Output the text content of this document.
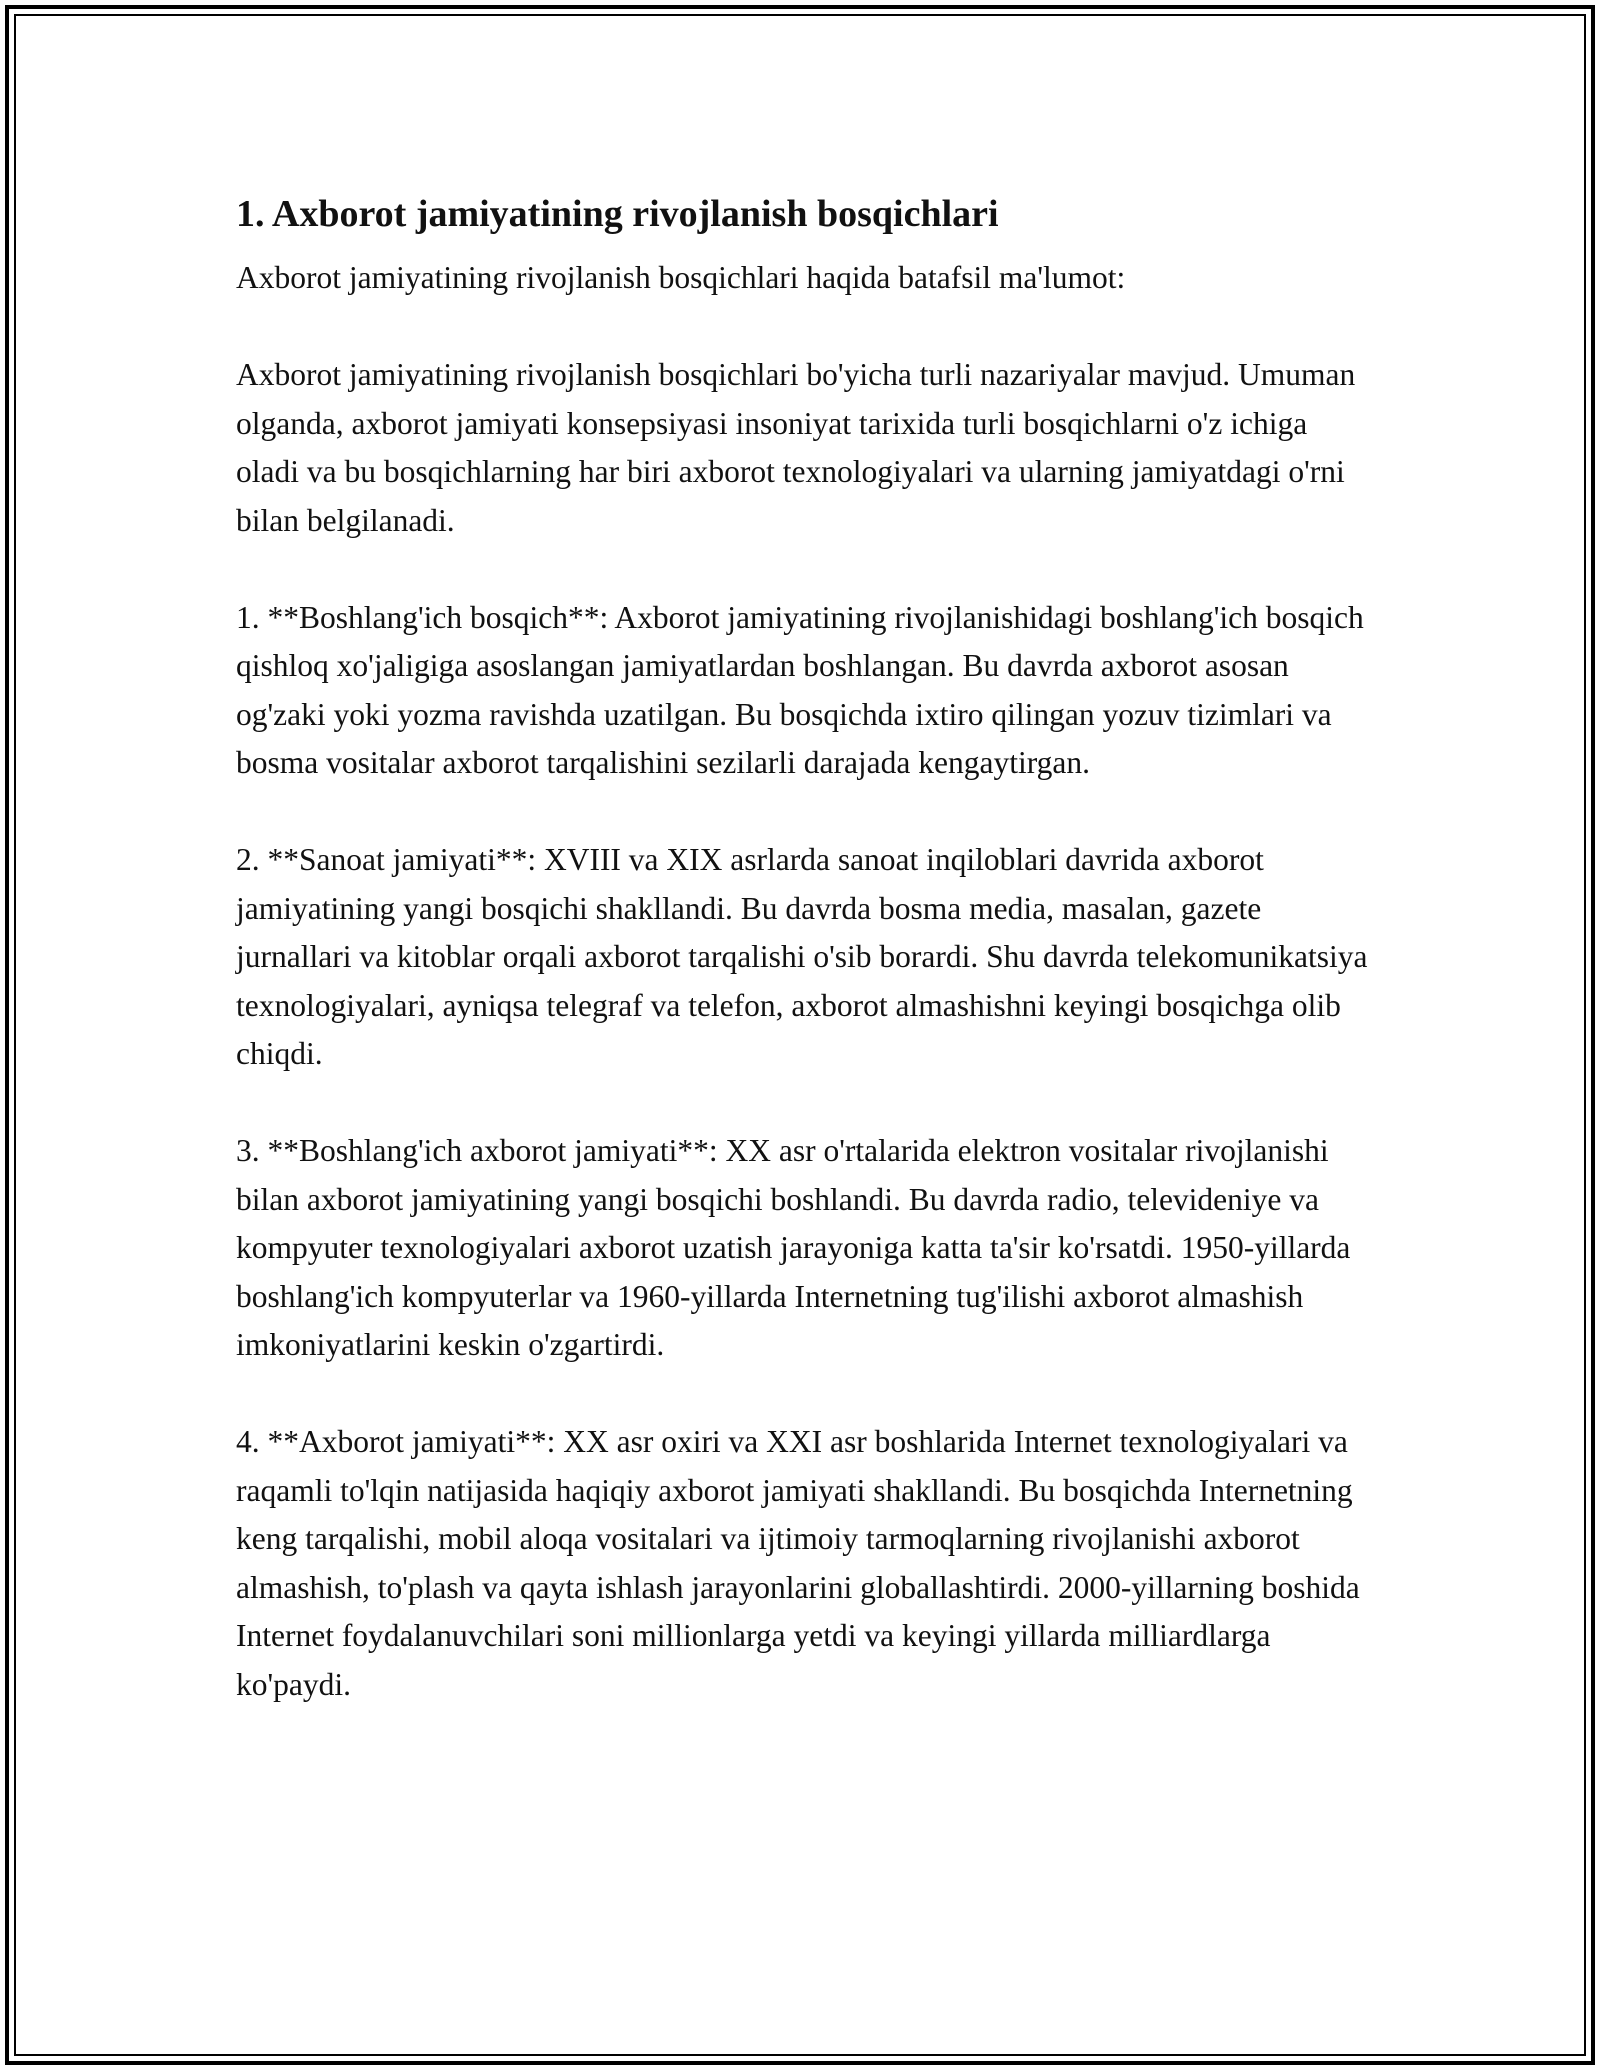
1. Axborot jamiyatining rivojlanish bosqichlari

Axborot jamiyatining rivojlanish bosqichlari haqida batafsil ma'lumot:

Axborot jamiyatining rivojlanish bosqichlari bo'yicha turli nazariyalar mavjud. Umuman olganda, axborot jamiyati konsepsiyasi insoniyat tarixida turli bosqichlarni o'z ichiga oladi va bu bosqichlarning har biri axborot texnologiyalari va ularning jamiyatdagi o'rni bilan belgilanadi.

1. **Boshlang'ich bosqich**: Axborot jamiyatining rivojlanishidagi boshlang'ich bosqich qishloq xo'jaligiga asoslangan jamiyatlardan boshlangan. Bu davrda axborot asosan og'zaki yoki yozma ravishda uzatilgan. Bu bosqichda ixtiro qilingan yozuv tizimlari va bosma vositalar axborot tarqalishini sezilarli darajada kengaytirgan.

2. **Sanoat jamiyati**: XVIII va XIX asrlarda sanoat inqiloblari davrida axborot jamiyatining yangi bosqichi shakllandi. Bu davrda bosma media, masalan, gazete jurnallari va kitoblar orqali axborot tarqalishi o'sib borardi. Shu davrda telekomunikatsiya texnologiyalari, ayniqsa telegraf va telefon, axborot almashishni keyingi bosqichga olib chiqdi.

3. **Boshlang'ich axborot jamiyati**: XX asr o'rtalarida elektron vositalar rivojlanishi bilan axborot jamiyatining yangi bosqichi boshlandi. Bu davrda radio, televideniye va kompyuter texnologiyalari axborot uzatish jarayoniga katta ta'sir ko'rsatdi. 1950-yillarda boshlang'ich kompyuterlar va 1960-yillarda Internetning tug'ilishi axborot almashish imkoniyatlarini keskin o'zgartirdi.

4. **Axborot jamiyati**: XX asr oxiri va XXI asr boshlarida Internet texnologiyalari va raqamli to'lqin natijasida haqiqiy axborot jamiyati shakllandi. Bu bosqichda Internetning keng tarqalishi, mobil aloqa vositalari va ijtimoiy tarmoqlarning rivojlanishi axborot almashish, to'plash va qayta ishlash jarayonlarini globallashtirdi. 2000-yillarning boshida Internet foydalanuvchilari soni millionlarga yetdi va keyingi yillarda milliardlarga ko'paydi.
